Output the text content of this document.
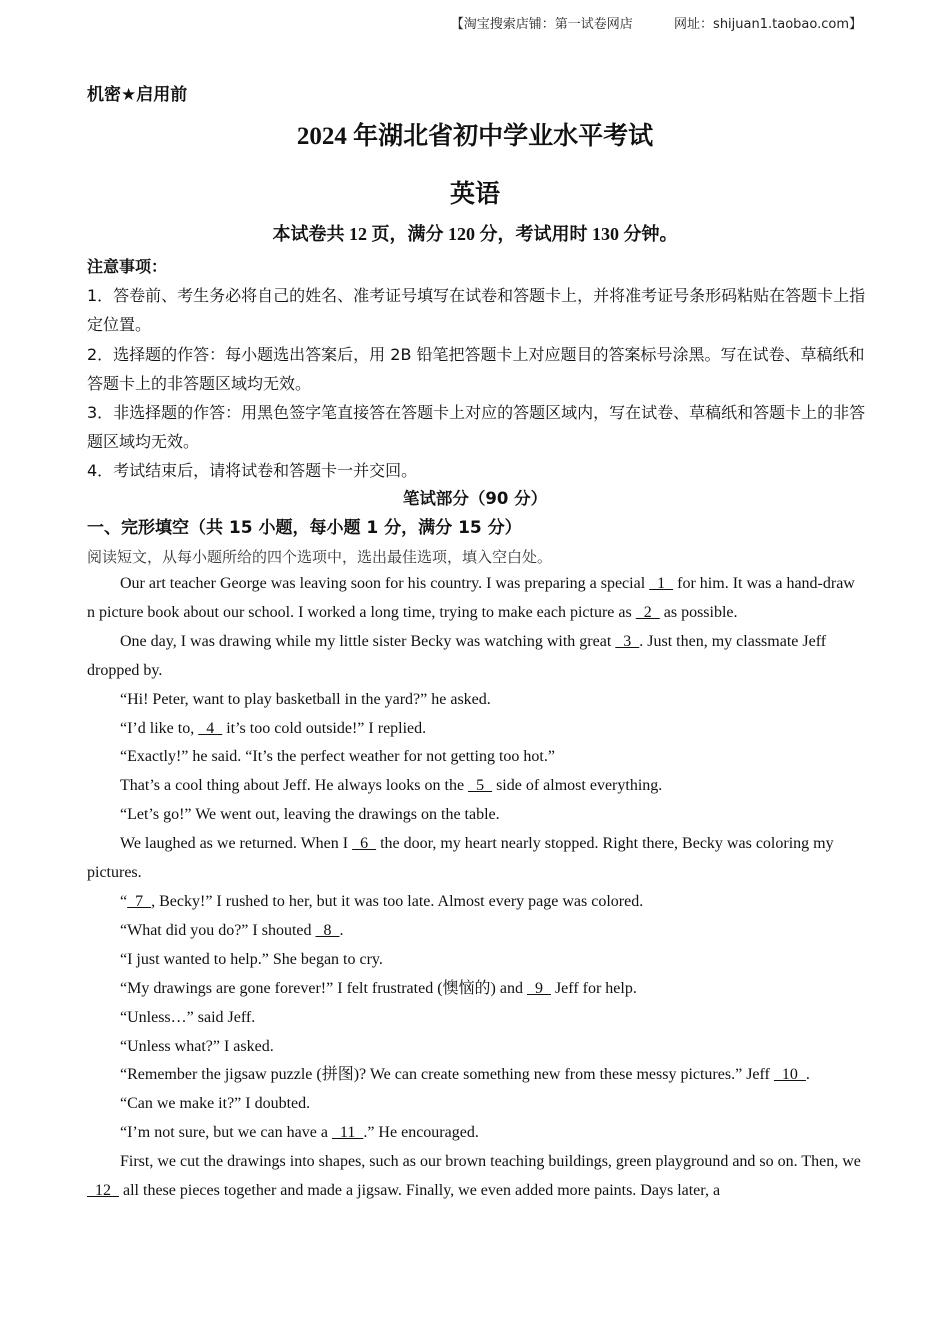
【淘宝搜索店铺：第一试卷网店	网址：shijuan1.taobao.com】
机密★启用前
2024 年湖北省初中学业水平考试
英语
本试卷共 12 页，满分 120 分，考试用时 130 分钟。
注意事项：
1．答卷前、考生务必将自己的姓名、准考证号填写在试卷和答题卡上，并将准考证号条形码粘贴在答题卡上指定位置。
2．选择题的作答：每小题选出答案后，用 2B 铅笔把答题卡上对应题目的答案标号涂黑。写在试卷、草稿纸和答题卡上的非答题区域均无效。
3．非选择题的作答：用黑色签字笔直接答在答题卡上对应的答题区域内，写在试卷、草稿纸和答题卡上的非答题区域均无效。
4．考试结束后，请将试卷和答题卡一并交回。
笔试部分（90 分）
一、完形填空（共 15 小题，每小题 1 分，满分 15 分）
阅读短文，从每小题所给的四个选项中，选出最佳选项，填入空白处。

Our art teacher George was leaving soon for his country. I was preparing a special   1   for him. It was a hand-draw n picture book about our school. I worked a long time, trying to make each picture as   2   as possible.

One day, I was drawing while my little sister Becky was watching with great   3  . Just then, my classmate Jeff dropped by.

“Hi! Peter, want to play basketball in the yard?” he asked.

“I’d like to,   4   it’s too cold outside!” I replied.

“Exactly!” he said. “It’s the perfect weather for not getting too hot.”

That’s a cool thing about Jeff. He always looks on the   5   side of almost everything.

“Let’s go!” We went out, leaving the drawings on the table.

We laughed as we returned. When I   6   the door, my heart nearly stopped. Right there, Becky was coloring my pictures.

“  7  , Becky!” I rushed to her, but it was too late. Almost every page was colored.

“What did you do?” I shouted   8  .

“I just wanted to help.” She began to cry.

“My drawings are gone forever!” I felt frustrated (懊恼的) and   9   Jeff for help.

“Unless…” said Jeff.

“Unless what?” I asked.

“Remember the jigsaw puzzle (拼图)? We can create something new from these messy pictures.” Jeff   10  .

“Can we make it?” I doubted.

“I’m not sure, but we can have a   11  .” He encouraged.

First, we cut the drawings into shapes, such as our brown teaching buildings, green playground and so on. Then, we   12   all these pieces together and made a jigsaw. Finally, we even added more paints. Days later, a
